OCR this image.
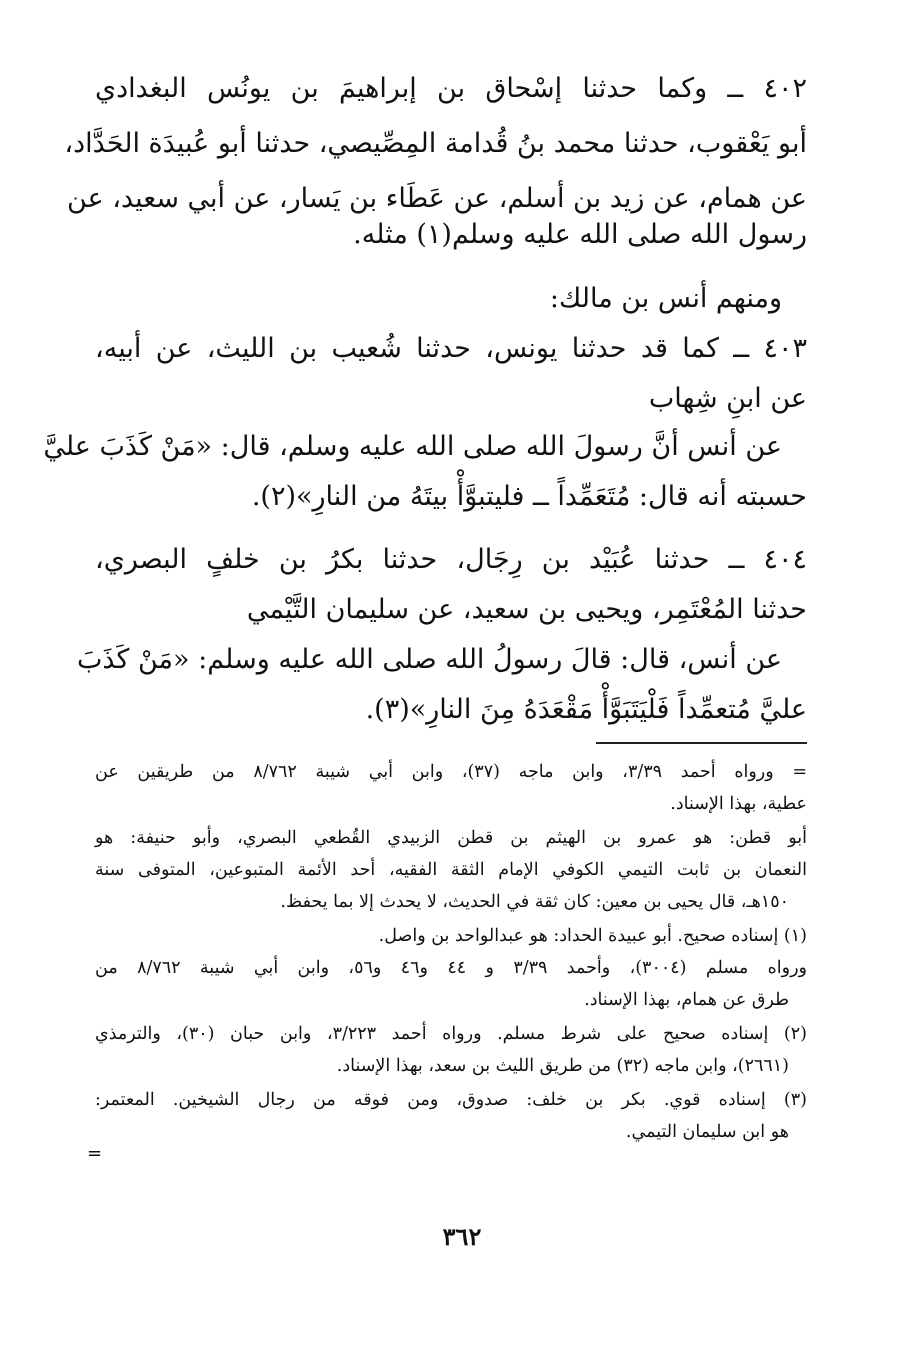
٤٠٢ ــ وكما حدثنا إسْحاق بن إبراهيمَ بن يونُس البغدادي
أبو يَعْقوب، حدثنا محمد بنُ قُدامة المِصِّيصي، حدثنا أبو عُبيدَة الحَدَّاد،
عن همام، عن زيد بن أسلم، عن عَطَاء بن يَسار، عن أبي سعيد، عن
رسول الله صلى الله عليه وسلم(١) مثله.
ومنهم أنس بن مالك:
٤٠٣ ــ كما قد حدثنا يونس، حدثنا شُعيب بن الليث، عن أبيه،
عن ابنِ شِهاب
عن أنس أنَّ رسولَ الله صلى الله عليه وسلم، قال: «مَنْ كَذَبَ عليَّ
حسبته أنه قال: مُتَعَمِّداً ــ فليتبوَّأْ بيتَهُ من النارِ»(٢).
٤٠٤ ــ حدثنا عُبَيْد بن رِجَال، حدثنا بكرُ بن خلفٍ البصري،
حدثنا المُعْتَمِر، ويحيى بن سعيد، عن سليمان التَّيْمي
عن أنس، قال: قالَ رسولُ الله صلى الله عليه وسلم: «مَنْ كَذَبَ
عليَّ مُتعمِّداً فَلْيَتَبَوَّأْ مَقْعَدَهُ مِنَ النارِ»(٣).
= ورواه أحمد ٣/٣٩، وابن ماجه (٣٧)، وابن أبي شيبة ٨/٧٦٢ من طريقين عن
عطية، بهذا الإسناد.
أبو قطن: هو عمرو بن الهيثم بن قطن الزبيدي القُطعي البصري، وأبو حنيفة: هو
النعمان بن ثابت التيمي الكوفي الإمام الثقة الفقيه، أحد الأئمة المتبوعين، المتوفى سنة
١٥٠هـ، قال يحيى بن معين: كان ثقة في الحديث، لا يحدث إلا بما يحفظ.
(١) إسناده صحيح. أبو عبيدة الحداد: هو عبدالواحد بن واصل.
ورواه مسلم (٣٠٠٤)، وأحمد ٣/٣٩ و ٤٤ و٤٦ و٥٦، وابن أبي شيبة ٨/٧٦٢ من
طرق عن همام، بهذا الإسناد.
(٢) إسناده صحيح على شرط مسلم. ورواه أحمد ٣/٢٢٣، وابن حبان (٣٠)، والترمذي
(٢٦٦١)، وابن ماجه (٣٢) من طريق الليث بن سعد، بهذا الإسناد.
(٣) إسناده قوي. بكر بن خلف: صدوق، ومن فوقه من رجال الشيخين. المعتمر:
هو ابن سليمان التيمي.
=
٣٦٢
